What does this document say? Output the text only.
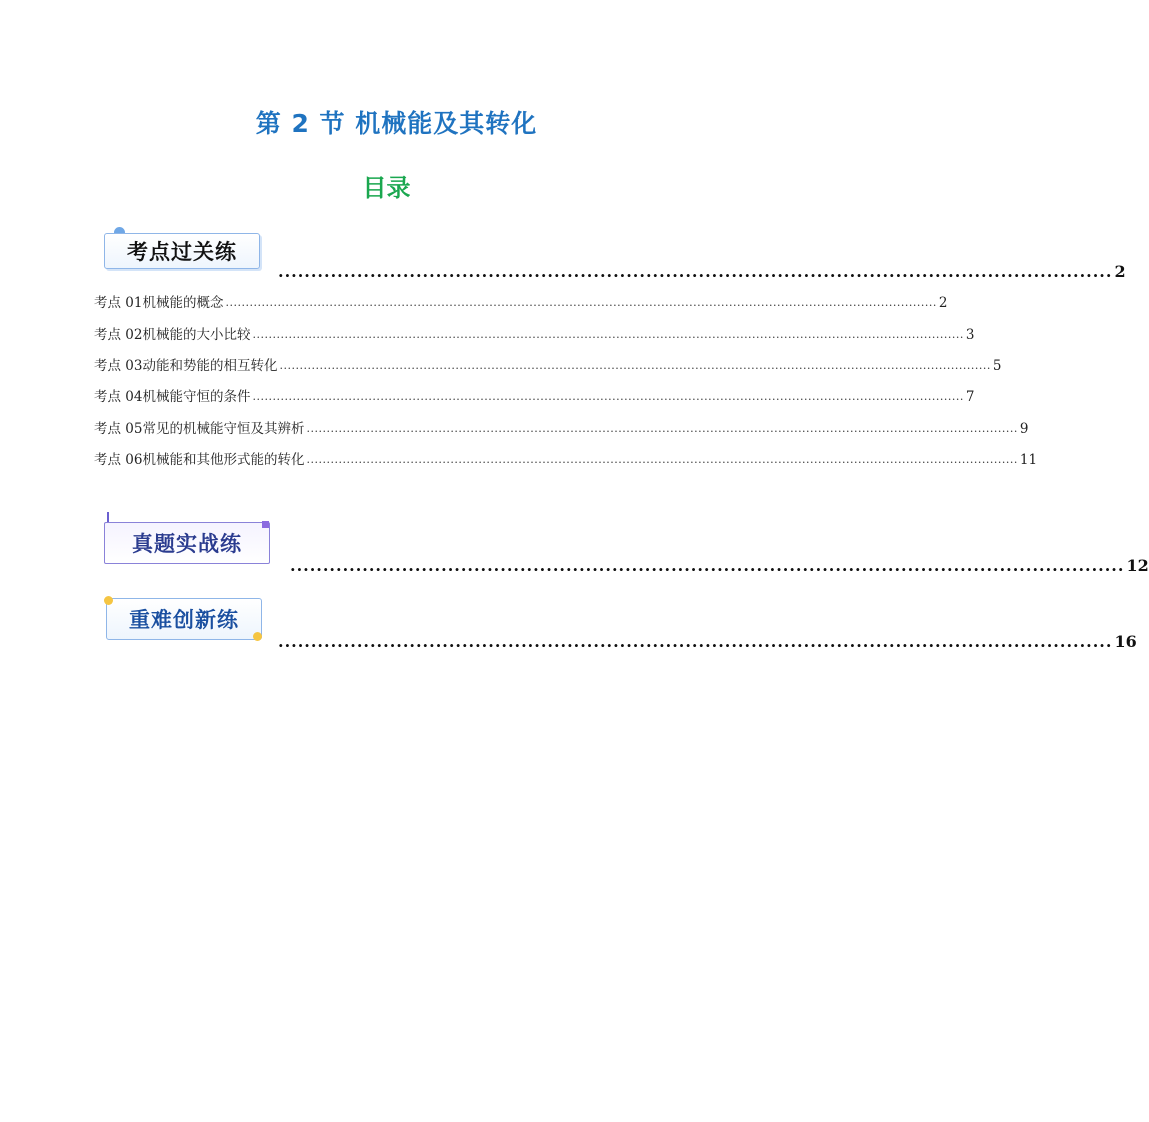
第 2 节 机械能及其转化
目录
考点过关练
............................................................................................................................... 2
考点 01 机械能的概念 .................................................................................................................................................................................. 2
考点 02 机械能的大小比较 .................................................................................................................................................................................. 3
考点 03 动能和势能的相互转化 .................................................................................................................................................................................. 5
考点 04 机械能守恒的条件 .................................................................................................................................................................................. 7
考点 05 常见的机械能守恒及其辨析 .................................................................................................................................................................................. 9
考点 06 机械能和其他形式能的转化 .................................................................................................................................................................................. 11
真题实战练
............................................................................................................................... 12
重难创新练
............................................................................................................................... 16
